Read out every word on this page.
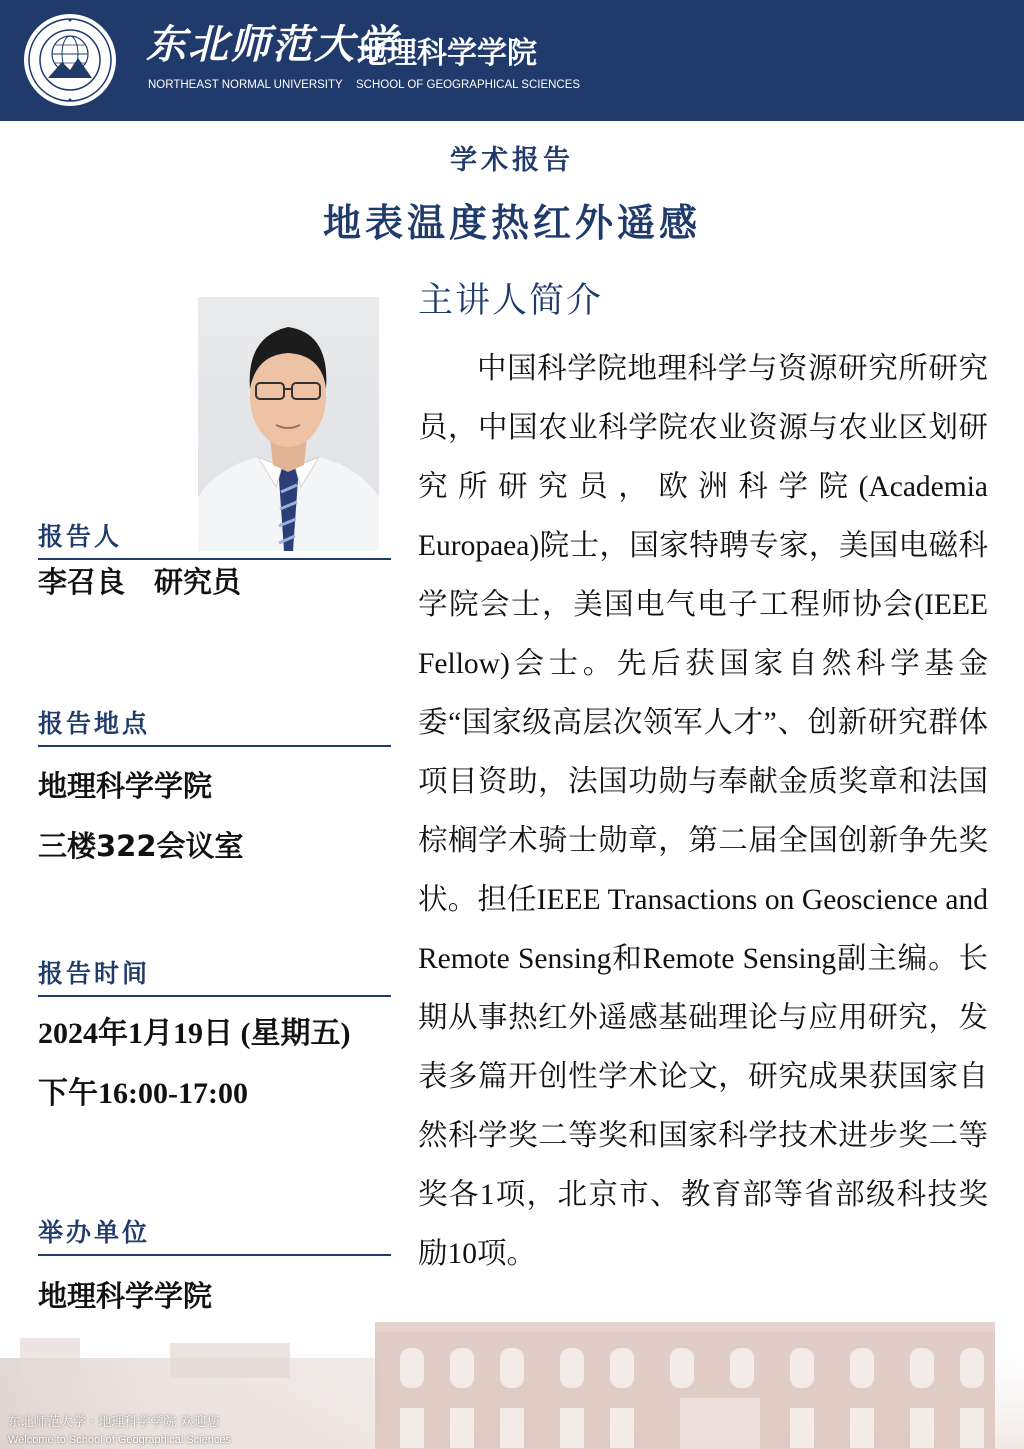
东北师范大学
地理科学学院
NORTHEAST NORMAL UNIVERSITY SCHOOL OF GEOGRAPHICAL SCIENCES
学术报告
地表温度热红外遥感
报告人
李召良　研究员
报告地点
地理科学学院
三楼322会议室
报告时间
2024年1月19日 (星期五)
下午16:00-17:00
举办单位
地理科学学院
主讲人简介
中国科学院地理科学与资源研究所研究员，中国农业科学院农业资源与农业区划研究所研究员，欧洲科学院(Academia Europaea)院士，国家特聘专家，美国电磁科学院会士，美国电气电子工程师协会(IEEE Fellow)会士。先后获国家自然科学基金委“国家级高层次领军人才”、创新研究群体项目资助，法国功勋与奉献金质奖章和法国棕榈学术骑士勋章，第二届全国创新争先奖状。担任IEEE Transactions on Geoscience and Remote Sensing和Remote Sensing副主编。长期从事热红外遥感基础理论与应用研究，发表多篇开创性学术论文，研究成果获国家自然科学奖二等奖和国家科学技术进步奖二等奖各1项，北京市、教育部等省部级科技奖励10项。
东北师范大学 · 地理科学学院 欢迎您
Welcome to School of Geographical Sciences
